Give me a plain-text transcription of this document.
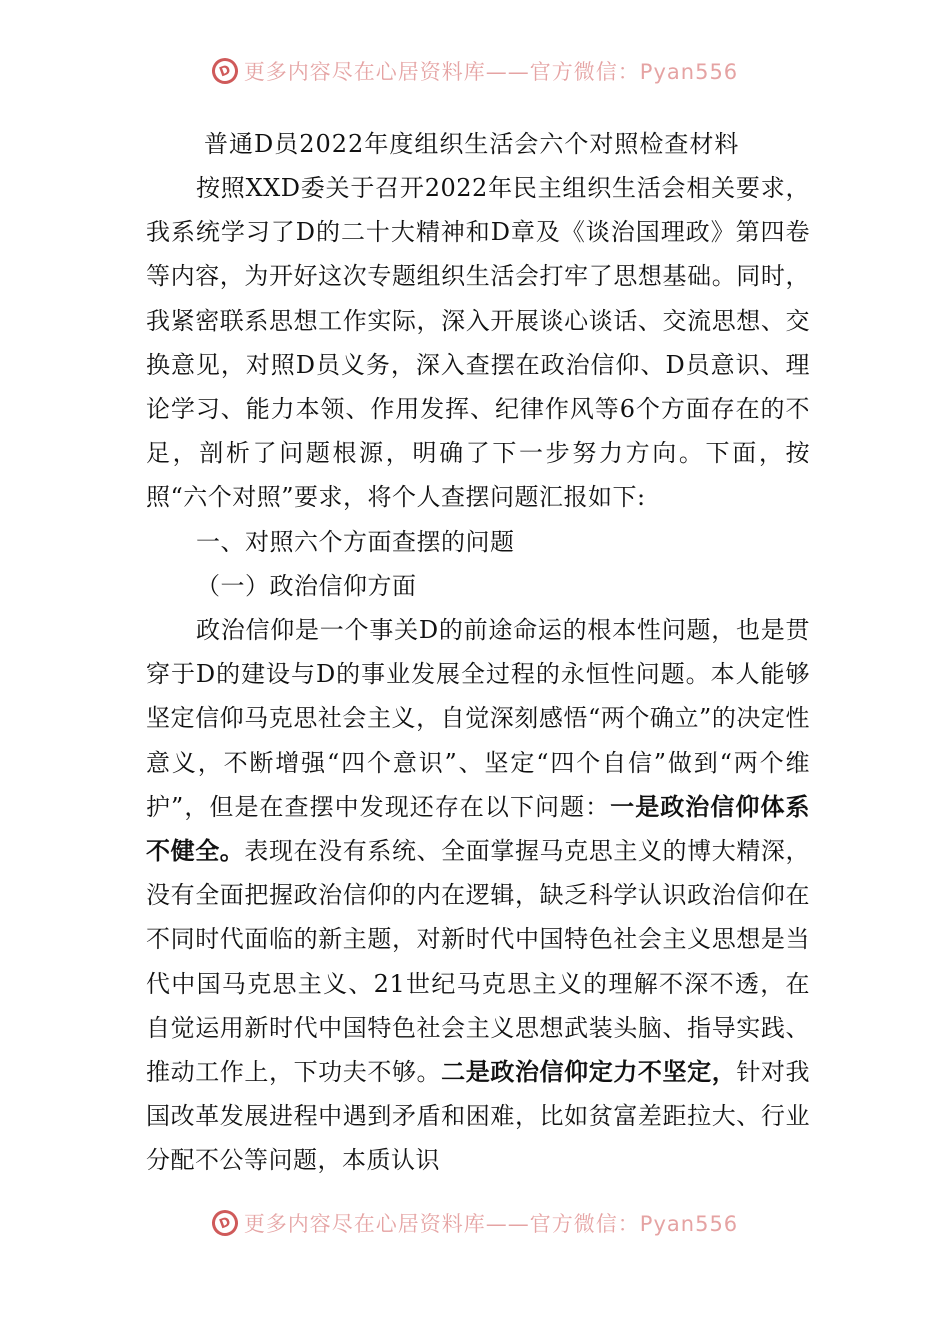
D 更多内容尽在心居资料库——官方微信：Pyan556
普通D员2022年度组织生活会六个对照检查材料

按照XXD委关于召开2022年民主组织生活会相关要求，我系统学习了D的二十大精神和D章及《谈治国理政》第四卷等内容，为开好这次专题组织生活会打牢了思想基础。同时，我紧密联系思想工作实际，深入开展谈心谈话、交流思想、交换意见，对照D员义务，深入查摆在政治信仰、D员意识、理论学习、能力本领、作用发挥、纪律作风等6个方面存在的不足，剖析了问题根源，明确了下一步努力方向。下面，按照“六个对照”要求，将个人查摆问题汇报如下:

一、对照六个方面查摆的问题

（一）政治信仰方面

政治信仰是一个事关D的前途命运的根本性问题，也是贯穿于D的建设与D的事业发展全过程的永恒性问题。本人能够坚定信仰马克思社会主义，自觉深刻感悟“两个确立”的决定性意义，不断增强“四个意识”、坚定“四个自信”做到“两个维护”，但是在查摆中发现还存在以下问题：一是政治信仰体系不健全。表现在没有系统、全面掌握马克思主义的博大精深，没有全面把握政治信仰的内在逻辑，缺乏科学认识政治信仰在不同时代面临的新主题，对新时代中国特色社会主义思想是当代中国马克思主义、21世纪马克思主义的理解不深不透，在自觉运用新时代中国特色社会主义思想武装头脑、指导实践、推动工作上，下功夫不够。二是政治信仰定力不坚定，针对我国改革发展进程中遇到矛盾和困难，比如贫富差距拉大、行业分配不公等问题，本质认识

D 更多内容尽在心居资料库——官方微信：Pyan556
